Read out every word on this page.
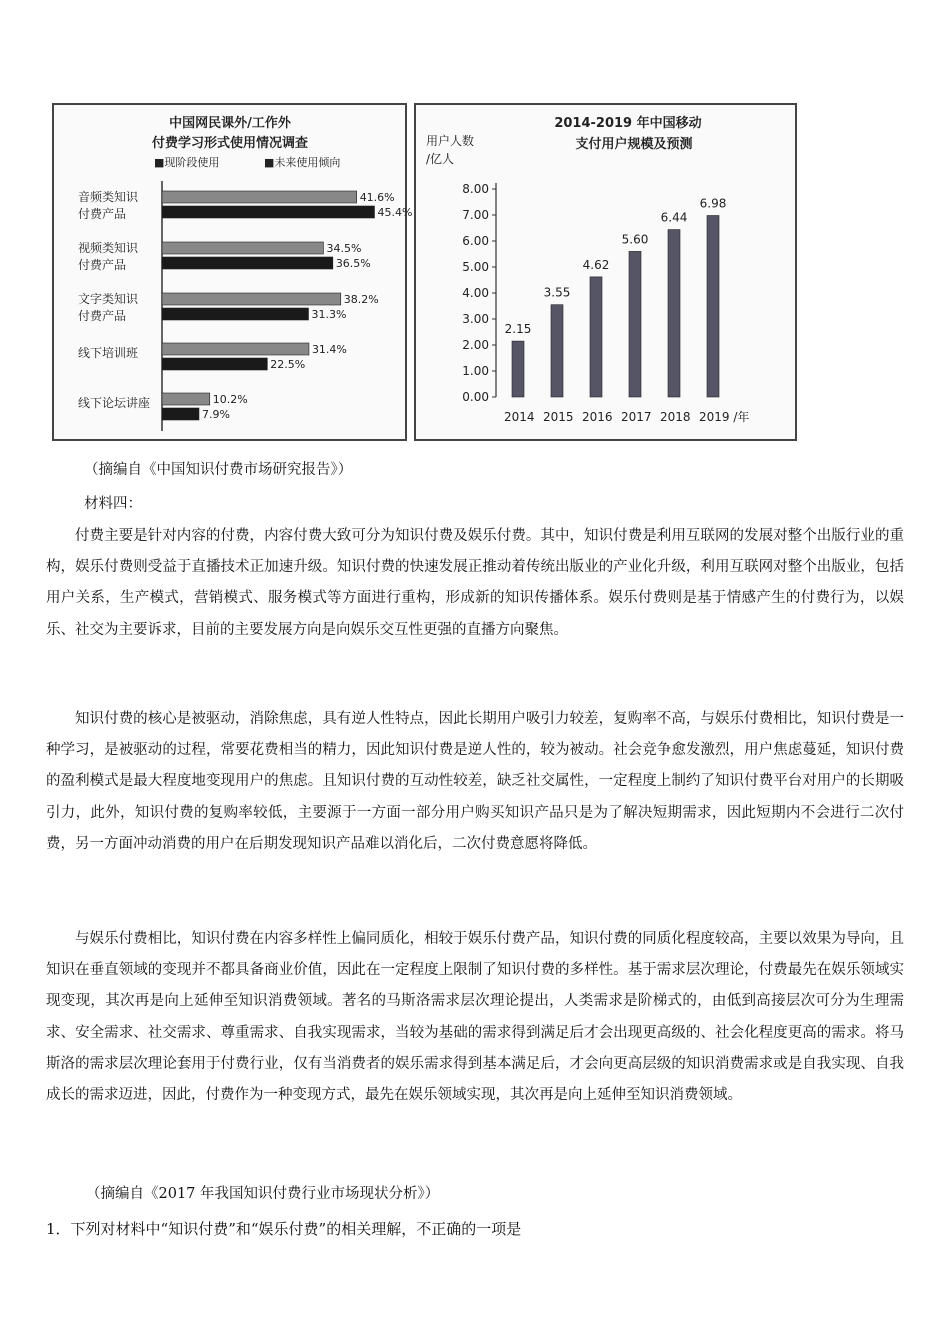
中国网民课外/工作外
付费学习形式使用情况调查
■现阶段使用	■未来使用倾向
音频类知识
付费产品
41.6%
45.4%
视频类知识
付费产品
34.5%
36.5%
文字类知识
付费产品
38.2%
31.3%
线下培训班	31.4%
22.5%
线下论坛讲座	10.2%
7.9%
2014-2019 年中国移动
支付用户规模及预测
用户人数
/亿人
0.00
1.00
2.00
3.00
4.00
5.00
6.00
7.00
8.00
2.15
2014
3.55
2015
4.62
2016
5.60
2017
6.44
2018
6.98
2019 /年

（摘编自《中国知识付费市场研究报告》）

材料四：

付费主要是针对内容的付费，内容付费大致可分为知识付费及娱乐付费。其中，知识付费是利用互联网的发展对整个出版行业的重构，娱乐付费则受益于直播技术正加速升级。知识付费的快速发展正推动着传统出版业的产业化升级，利用互联网对整个出版业，包括用户关系，生产模式，营销模式、服务模式等方面进行重构，形成新的知识传播体系。娱乐付费则是基于情感产生的付费行为，以娱乐、社交为主要诉求，目前的主要发展方向是向娱乐交互性更强的直播方向聚焦。

知识付费的核心是被驱动，消除焦虑，具有逆人性特点，因此长期用户吸引力较差，复购率不高，与娱乐付费相比，知识付费是一种学习，是被驱动的过程，常要花费相当的精力，因此知识付费是逆人性的，较为被动。社会竞争愈发激烈，用户焦虑蔓延，知识付费的盈利模式是最大程度地变现用户的焦虑。且知识付费的互动性较差，缺乏社交属性，一定程度上制约了知识付费平台对用户的长期吸引力，此外，知识付费的复购率较低，主要源于一方面一部分用户购买知识产品只是为了解决短期需求，因此短期内不会进行二次付费，另一方面冲动消费的用户在后期发现知识产品难以消化后，二次付费意愿将降低。

与娱乐付费相比，知识付费在内容多样性上偏同质化，相较于娱乐付费产品，知识付费的同质化程度较高，主要以效果为导向，且知识在垂直领域的变现并不都具备商业价值，因此在一定程度上限制了知识付费的多样性。基于需求层次理论，付费最先在娱乐领域实现变现，其次再是向上延伸至知识消费领域。著名的马斯洛需求层次理论提出，人类需求是阶梯式的，由低到高接层次可分为生理需求、安全需求、社交需求、尊重需求、自我实现需求，当较为基础的需求得到满足后才会出现更高级的、社会化程度更高的需求。将马斯洛的需求层次理论套用于付费行业，仅有当消费者的娱乐需求得到基本满足后，才会向更高层级的知识消费需求或是自我实现、自我成长的需求迈进，因此，付费作为一种变现方式，最先在娱乐领域实现，其次再是向上延伸至知识消费领域。

（摘编自《2017 年我国知识付费行业市场现状分析》）

1．下列对材料中“知识付费”和“娱乐付费”的相关理解，不正确的一项是
